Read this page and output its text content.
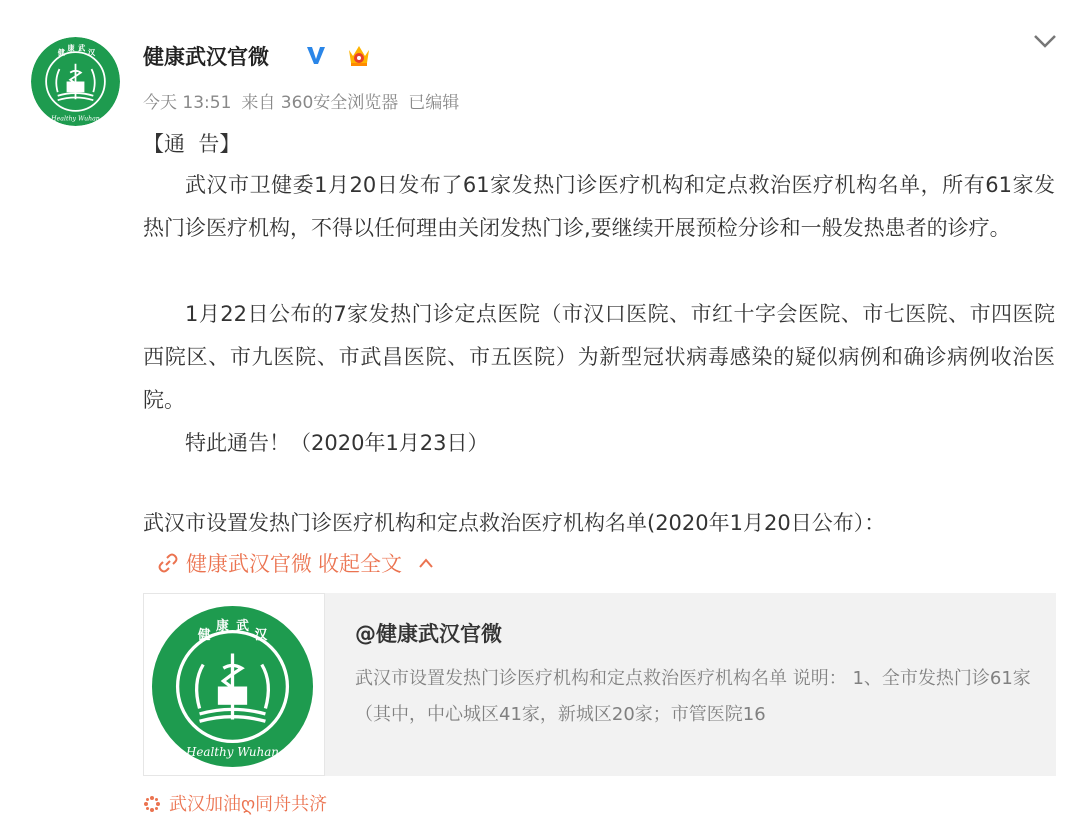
健 康 武 汉
Healthy Wuhan
健康武汉官微
今天 13:51 来自 360安全浏览器 已编辑
【通  告】
武汉市卫健委1月20日发布了61家发热门诊医疗机构和定点救治医疗机构名单，所有61家发热门诊医疗机构，不得以任何理由关闭发热门诊,要继续开展预检分诊和一般发热患者的诊疗。
1月22日公布的7家发热门诊定点医院（市汉口医院、市红十字会医院、市七医院、市四医院西院区、市九医院、市武昌医院、市五医院）为新型冠状病毒感染的疑似病例和确诊病例收治医院。
特此通告！（2020年1月23日）
武汉市设置发热门诊医疗机构和定点救治医疗机构名单(2020年1月20日公布）：
健康武汉官微 收起全文
健
康 武
汉
Healthy Wuhan
@健康武汉官微
武汉市设置发热门诊医疗机构和定点救治医疗机构名单 说明： 1、全市发热门诊61家（其中，中心城区41家，新城区20家；市管医院16
武汉加油ღ同舟共济
